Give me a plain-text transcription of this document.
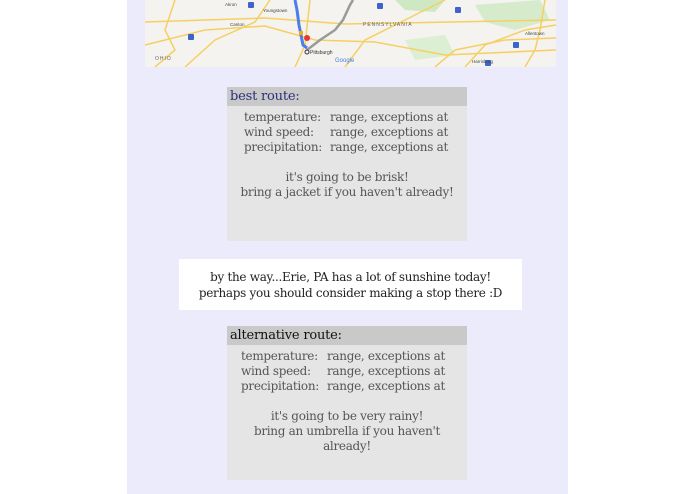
Pittsburgh
PENNSYLVANIA
OHIO
Canton
Akron
Youngstown
Harrisburg
Allentown
Google
best route:
temperature: range, exceptions at
wind speed:	range, exceptions at
precipitation: range, exceptions at
it's going to be brisk!
bring a jacket if you haven't already!
by the way...Erie, PA has a lot of sunshine today!
perhaps you should consider making a stop there :D
alternative route:
temperature: range, exceptions at
wind speed:	range, exceptions at
precipitation: range, exceptions at
it's going to be very rainy!
bring an umbrella if you haven't
already!
